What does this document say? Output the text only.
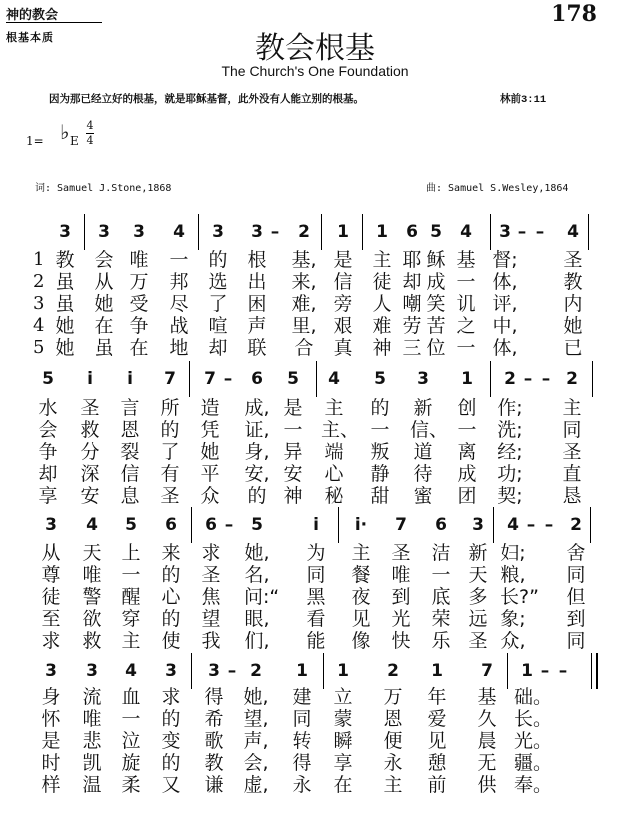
神的教会
根基本质
178
教会根基
The Church's One Foundation
因为那已经立好的根基，就是耶稣基督，此外没有人能立别的根基。	林前3:11
1= ♭ E
4
4
词: Samuel J.Stone,1868	曲: Samuel S.Wesley,1864
3	3	3	4	3	3 –	2	1	1	6 5	4	3 – –	4
1 教 会 唯 一 的 根 基, 是 主 耶 稣 基 督; 圣
2 虽 从 万 邦 选 出 来, 信 徒 却 成 一 体, 教
3 虽 她 受 尽 了 困 难, 旁 人 嘲 笑 讥 评, 内
4 她 在 争 战 喧 声 里, 艰 难 劳 苦 之 中, 她
5 她 虽 在 地 却 联 合 真 神 三 位 一 体, 已
5	i	i	7	7 –	6	5	4	5	3	1	2 – – 2
水 圣 言 所 造 成, 是 主 的 新 创 作; 主
会 救 恩 的 凭 证, 一 主、 一 信、 一 洗; 同
争 分 裂 了 她 身, 异 端 叛 道 离 经; 圣
却 深 信 有 平 安, 安 心 静 待 成 功; 直
享 安 息 圣 众 的 神 秘 甜 蜜 团 契; 恳
3	4	5	6	6 –	5	i	i·	7	6	3	4 – – 2
从 天 上 来 求 她, 为 主 圣 洁 新 妇; 舍
尊 唯 一 的 圣 名, 同 餐 唯 一 天 粮, 同
徒 警 醒 心 焦 问:“ 黑 夜 到 底 多 长?” 但
至 欲 穿 的 望 眼, 看 见 光 荣 远 象; 到
求 救 主 使 我 们, 能 像 快 乐 圣 众, 同
3	3	4	3	3 – 2	1	1	2	1	7	1 – –
身 流 血 求 得 她, 建 立 万 年 基 础。
怀 唯 一 的 希 望, 同 蒙 恩 爱 久 长。
是 悲 泣 变 歌 声, 转 瞬 便 见 晨 光。
时 凯 旋 的 教 会, 得 享 永 憩 无 疆。
样 温 柔 又 谦 虚, 永 在 主 前 供 奉。
